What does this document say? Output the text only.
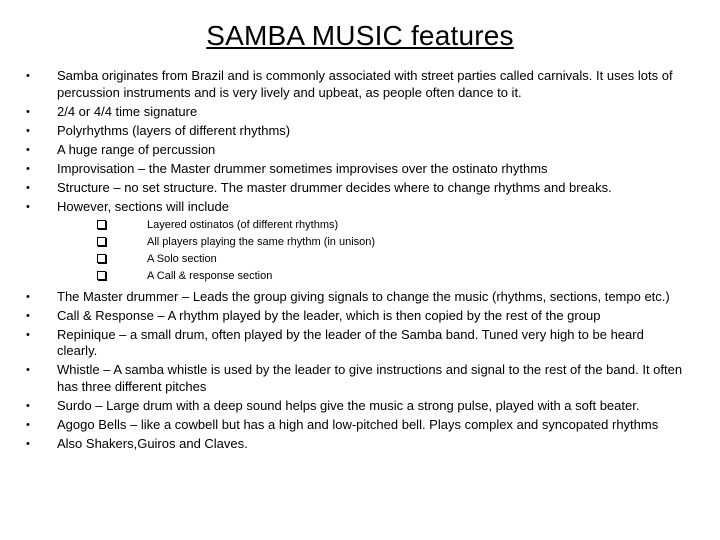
SAMBA MUSIC features
• Samba originates from Brazil and is commonly associated with street parties called carnivals. It uses lots of percussion instruments and is very lively and upbeat, as people often dance to it.
• 2/4 or 4/4 time signature
• Polyrhythms (layers of different rhythms)
• A huge range of percussion
• Improvisation – the Master drummer sometimes improvises over the ostinato rhythms
• Structure – no set structure. The master drummer decides where to change rhythms and breaks.
• However, sections will include
Layered ostinatos (of different rhythms)
All players playing the same rhythm (in unison)
A Solo section
A Call & response section
• The Master drummer – Leads the group giving signals to change the music (rhythms, sections, tempo etc.)
• Call & Response – A rhythm played by the leader, which is then copied by the rest of the group
• Repinique – a small drum, often played by the leader of the Samba band. Tuned very high to be heard clearly.
• Whistle – A samba whistle is used by the leader to give instructions and signal to the rest of the band. It often has three different pitches
• Surdo – Large drum with a deep sound helps give the music a strong pulse, played with a soft beater.
• Agogo Bells – like a cowbell but has a high and low-pitched bell. Plays complex and syncopated rhythms
• Also Shakers,Guiros and Claves.
